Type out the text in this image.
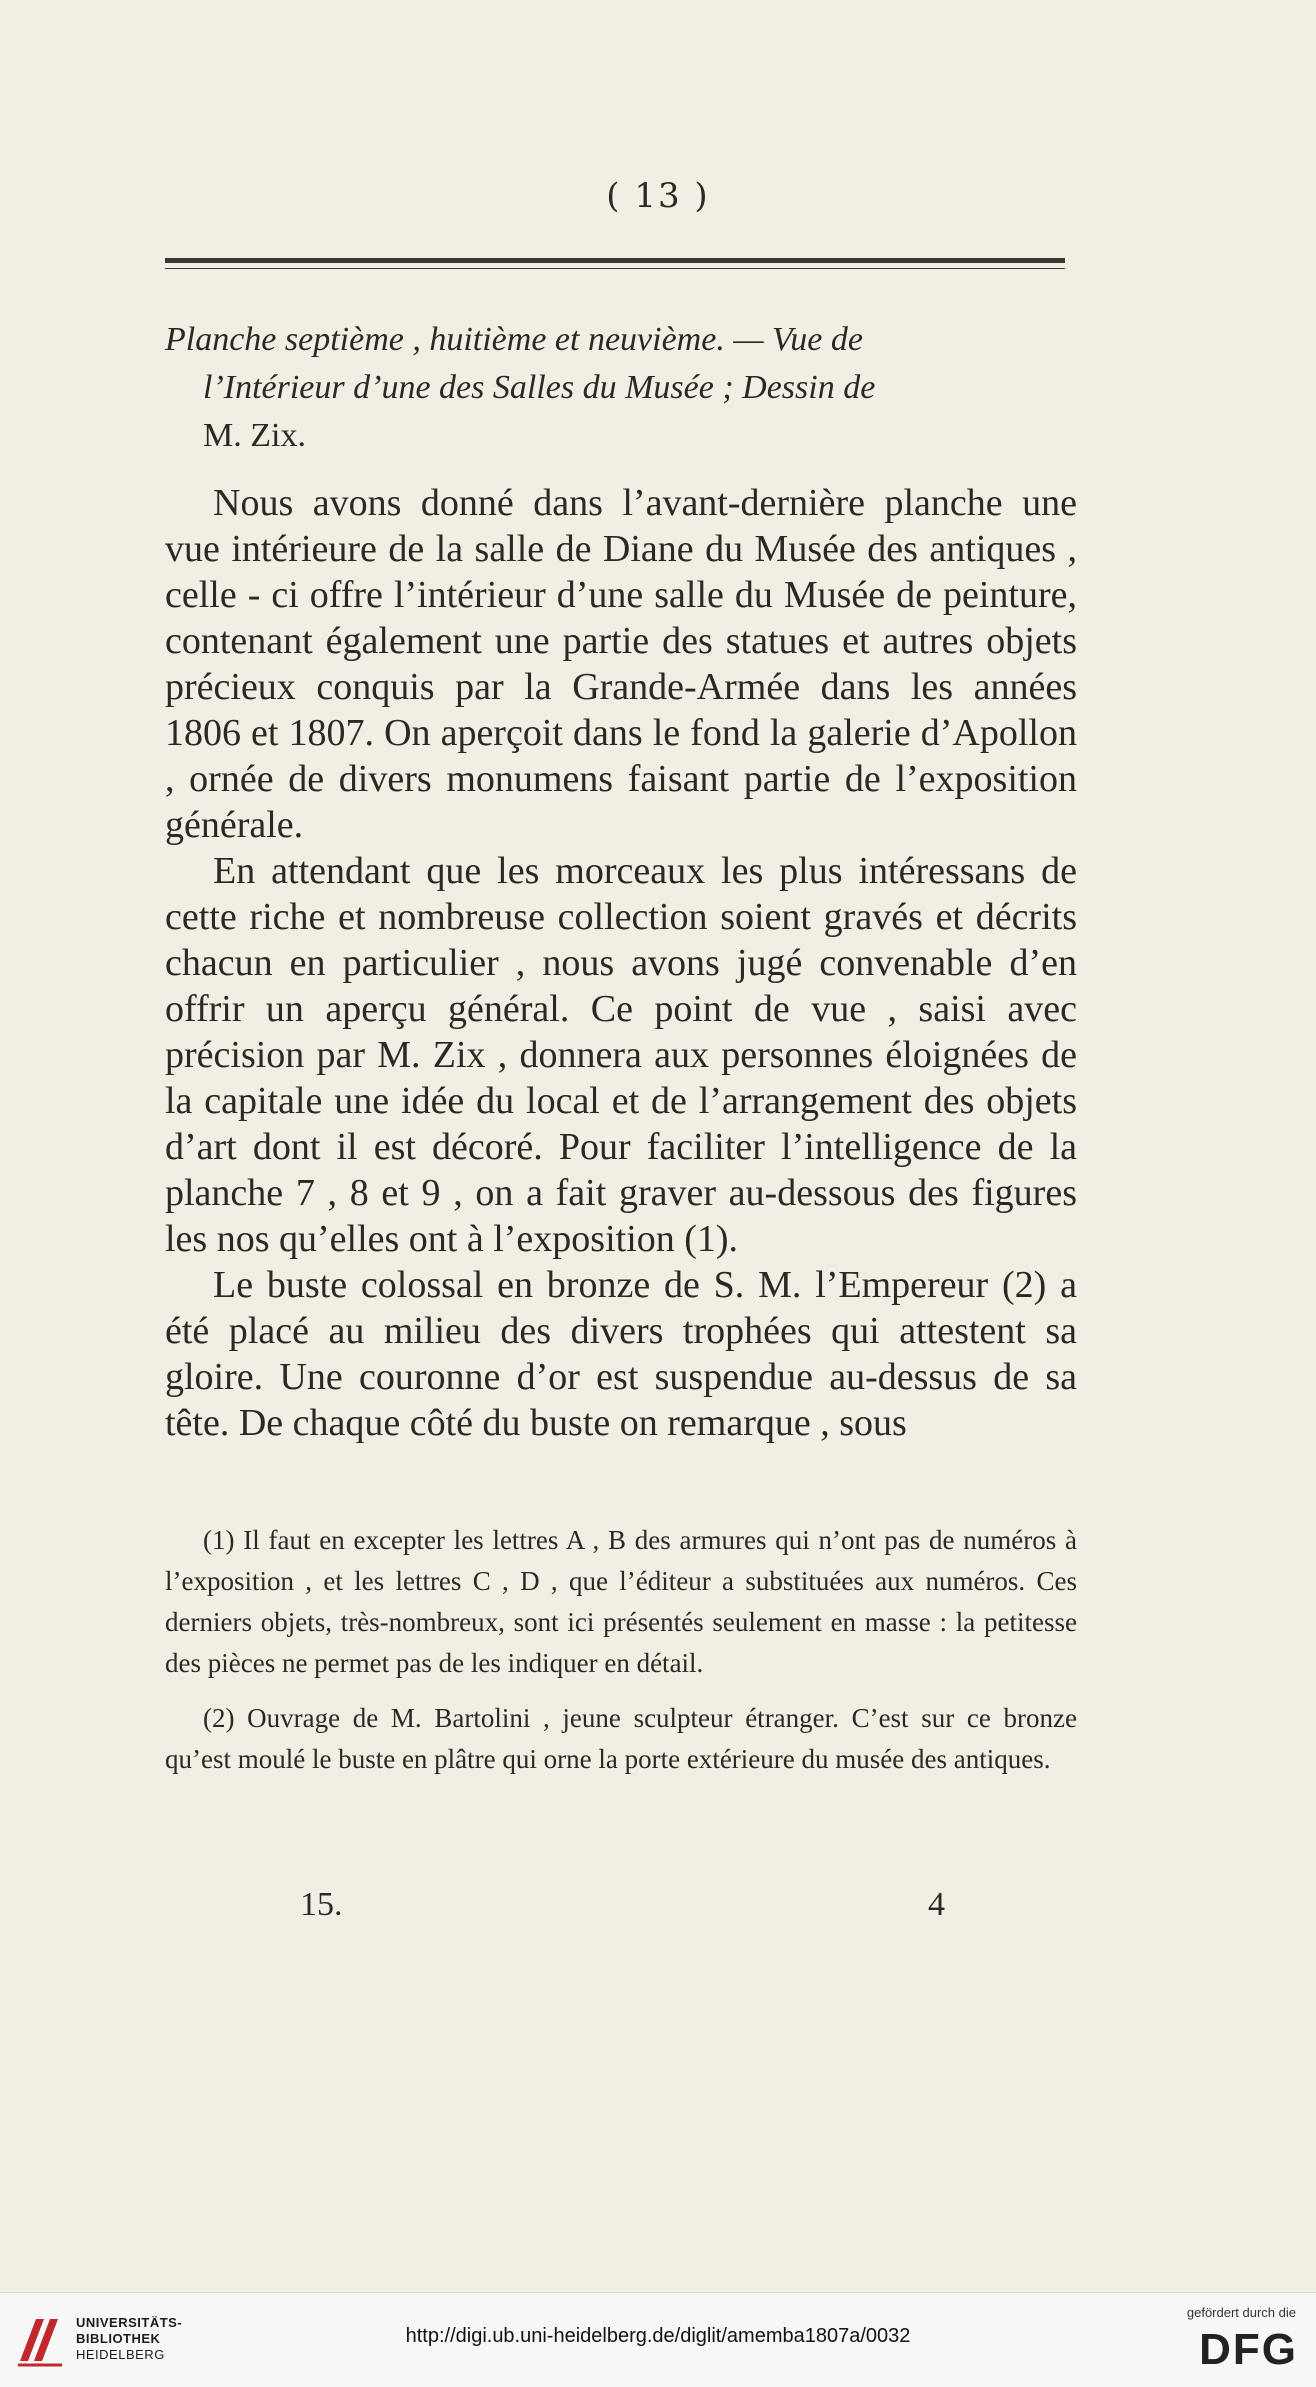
( 13 )
Planche septième , huitième et neuvième. — Vue de
l’Intérieur d’une des Salles du Musée ; Dessin de
M. Zix.

Nous avons donné dans l’avant-dernière planche une vue intérieure de la salle de Diane du Musée des antiques , celle - ci offre l’intérieur d’une salle du Musée de peinture, contenant également une partie des statues et autres objets précieux conquis par la Grande-Armée dans les années 1806 et 1807. On aperçoit dans le fond la galerie d’Apollon , ornée de divers monumens faisant partie de l’exposition générale.

En attendant que les morceaux les plus intéressans de cette riche et nombreuse collection soient gravés et décrits chacun en particulier , nous avons jugé convenable d’en offrir un aperçu général. Ce point de vue , saisi avec précision par M. Zix , donnera aux personnes éloignées de la capitale une idée du local et de l’arrangement des objets d’art dont il est décoré. Pour faciliter l’intelligence de la planche 7 , 8 et 9 , on a fait graver au-dessous des figures les nos qu’elles ont à l’exposition (1).

Le buste colossal en bronze de S. M. l’Empereur (2) a été placé au milieu des divers trophées qui attestent sa gloire. Une couronne d’or est suspendue au-dessus de sa tête. De chaque côté du buste on remarque , sous

(1) Il faut en excepter les lettres A , B des armures qui n’ont pas de numéros à l’exposition , et les lettres C , D , que l’éditeur a substituées aux numéros. Ces derniers objets, très-nombreux, sont ici présentés seulement en masse : la petitesse des pièces ne permet pas de les indiquer en détail.

(2) Ouvrage de M. Bartolini , jeune sculpteur étranger. C’est sur ce bronze qu’est moulé le buste en plâtre qui orne la porte extérieure du musée des antiques.

15.	4
UNIVERSITÄTS-
BIBLIOTHEK
HEIDELBERG
http://digi.ub.uni-heidelberg.de/diglit/amemba1807a/0032
gefördert durch die
DFG
